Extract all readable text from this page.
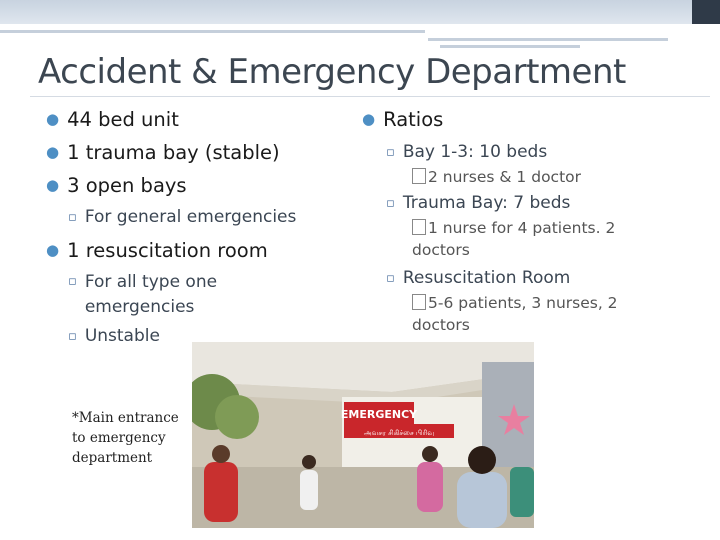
Accident & Emergency Department
● 44 bed unit
● 1 trauma bay (stable)
● 3 open bays
▫ For general emergencies
● 1 resuscitation room
▫ For all type one emergencies
▫ Unstable
● Ratios
▫ Bay 1-3: 10 beds
2 nurses & 1 doctor
▫ Trauma Bay: 7 beds
1 nurse for 4 patients. 2 doctors
▫ Resuscitation Room
5-6 patients, 3 nurses, 2 doctors
EMERGENCY
அவசர சிகிச்சை பிரிவு
*Main entrance to emergency department
